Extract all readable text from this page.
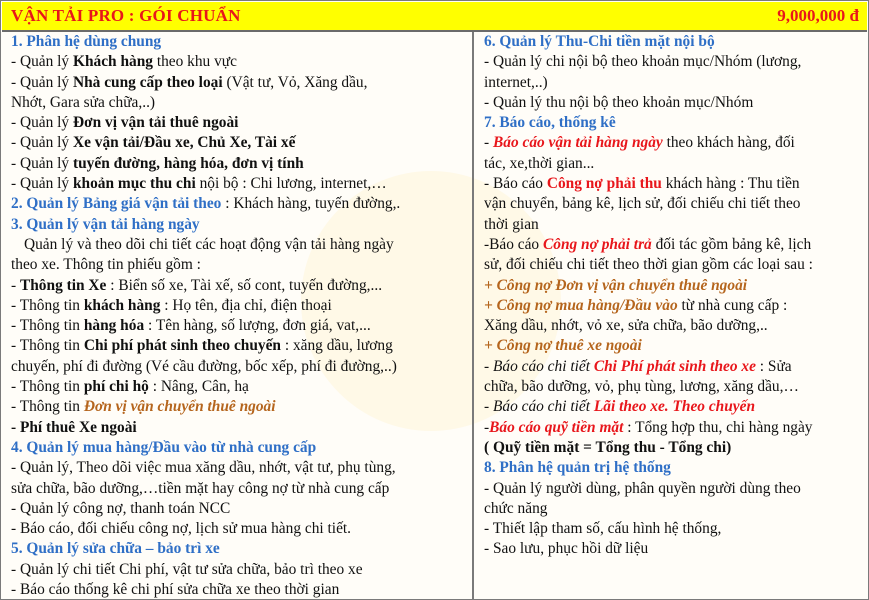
VẬN TẢI PRO : GÓI CHUẨN	9,000,000 đ
1. Phân hệ dùng chung
- Quản lý Khách hàng theo khu vực
- Quản lý Nhà cung cấp theo loại (Vật tư, Vỏ, Xăng dầu,
Nhớt, Gara sửa chữa,..)
- Quản lý Đơn vị vận tải thuê ngoài
- Quản lý Xe vận tải/Đầu xe, Chủ Xe, Tài xế
- Quản lý tuyến đường, hàng hóa, đơn vị tính
- Quản lý khoản mục thu chi nội bộ : Chi lương, internet,…
2. Quản lý Bảng giá vận tải theo : Khách hàng, tuyến đường,.
3. Quản lý vận tải hàng ngày
Quản lý và theo dõi chi tiết các hoạt động vận tải hàng ngày
theo xe. Thông tin phiếu gồm :
- Thông tin Xe : Biển số xe, Tài xế, số cont, tuyến đường,...
- Thông tin khách hàng : Họ tên, địa chỉ, điện thoại
- Thông tin hàng hóa : Tên hàng, số lượng, đơn giá, vat,...
- Thông tin Chi phí phát sinh theo chuyến : xăng dầu, lương
chuyến, phí đi đường (Vé cầu đường, bốc xếp, phí đi đường,..)
- Thông tin phí chi hộ : Nâng, Cân, hạ
- Thông tin Đơn vị vận chuyển thuê ngoài
- Phí thuê Xe ngoài
4. Quản lý mua hàng/Đầu vào từ nhà cung cấp
- Quản lý, Theo dõi việc mua xăng dầu, nhớt, vật tư, phụ tùng,
sửa chữa, bão dưỡng,…tiền mặt hay công nợ từ nhà cung cấp
- Quản lý công nợ, thanh toán NCC
- Báo cáo, đối chiếu công nợ, lịch sử mua hàng chi tiết.
5. Quản lý sửa chữa – bảo trì xe
- Quản lý chi tiết Chi phí, vật tư sửa chữa, bảo trì theo xe
- Báo cáo thống kê chi phí sửa chữa xe theo thời gian
6. Quản lý Thu-Chi tiền mặt nội bộ
- Quản lý chi nội bộ theo khoản mục/Nhóm (lương,
internet,..)
- Quản lý thu nội bộ theo khoản mục/Nhóm
7. Báo cáo, thống kê
- Báo cáo vận tải hàng ngày theo khách hàng, đối
tác, xe,thời gian...
- Báo cáo Công nợ phải thu khách hàng : Thu tiền
vận chuyển, bảng kê, lịch sử, đối chiếu chi tiết theo
thời gian
-Báo cáo Công nợ phải trả đối tác gồm bảng kê, lịch
sử, đối chiếu chi tiết theo thời gian gồm các loại sau :
+ Công nợ Đơn vị vận chuyển thuê ngoài
+ Công nợ mua hàng/Đầu vào từ nhà cung cấp :
Xăng dầu, nhớt, vỏ xe, sửa chữa, bão dưỡng,..
+ Công nợ thuê xe ngoài
- Báo cáo chi tiết Chi Phí phát sinh theo xe : Sửa
chữa, bão dưỡng, vỏ, phụ tùng, lương, xăng dầu,…
- Báo cáo chi tiết Lãi theo xe. Theo chuyến
-Báo cáo quỹ tiền mặt : Tổng hợp thu, chi hàng ngày
( Quỹ tiền mặt = Tổng thu - Tổng chi)
8. Phân hệ quản trị hệ thống
- Quản lý người dùng, phân quyền người dùng theo
chức năng
- Thiết lập tham số, cấu hình hệ thống,
- Sao lưu, phục hồi dữ liệu
